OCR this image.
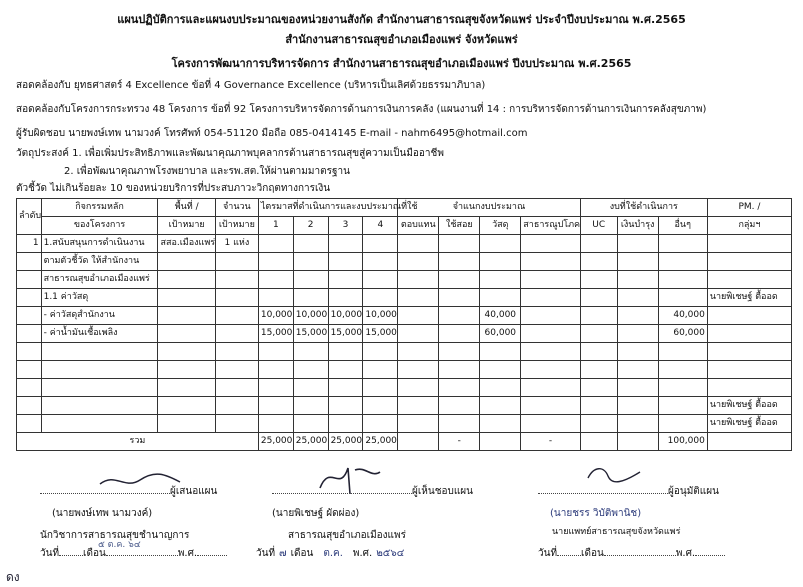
แผนปฏิบัติการและแผนงบประมาณของหน่วยงานสังกัด สำนักงานสาธารณสุขจังหวัดแพร่ ประจำปีงบประมาณ พ.ศ.2565
สำนักงานสาธารณสุขอำเภอเมืองแพร่ จังหวัดแพร่
โครงการพัฒนาการบริหารจัดการ สำนักงานสาธารณสุขอำเภอเมืองแพร่ ปีงบประมาณ พ.ศ.2565
สอดคล้องกับ ยุทธศาสตร์ 4 Excellence ข้อที่ 4 Governance Excellence (บริหารเป็นเลิศด้วยธรรมาภิบาล)
สอดคล้องกับโครงการกระทรวง 48 โครงการ ข้อที่ 92 โครงการบริหารจัดการด้านการเงินการคลัง (แผนงานที่ 14 : การบริหารจัดการด้านการเงินการคลังสุขภาพ)
ผู้รับผิดชอบ นายพงษ์เทพ นามวงค์ โทรศัพท์ 054-51120 มือถือ 085-0414145 E-mail - nahm6495@hotmail.com
วัตถุประสงค์ 1. เพื่อเพิ่มประสิทธิภาพและพัฒนาคุณภาพบุคลากรด้านสาธารณสุขสู่ความเป็นมืออาชีพ
2. เพื่อพัฒนาคุณภาพโรงพยาบาล และรพ.สต.ให้ผ่านตามมาตรฐาน
ตัวชี้วัด ไม่เกินร้อยละ 10 ของหน่วยบริการที่ประสบภาวะวิกฤตทางการเงิน
ลำดับ	กิจกรรมหลัก	พื้นที่ /	จำนวน	ไตรมาสที่ดำเนินการและงบประมาณที่ใช้				จำแนกงบประมาณ				งบที่ใช้ดำเนินการ			PM. /
	ของโครงการ	เป้าหมาย	เป้าหมาย	1	2	3	4	ตอบแทน	ใช้สอย	วัสดุ	สาธารณูปโภค	UC	เงินบำรุง	อื่นๆ	กลุ่มฯ
1	1.สนับสนุนการดำเนินงาน	สสอ.เมืองแพร่	1 แห่ง												
	ตามตัวชี้วัด ให้สำนักงาน														
	สาธารณสุขอำเภอเมืองแพร่														
	1.1 ค่าวัสดุ														นายพิเชษฐ์ ตื้ออด
	- ค่าวัสดุสำนักงาน			10,000	10,000	10,000	10,000			40,000				40,000	
	- ค่าน้ำมันเชื้อเพลิง			15,000	15,000	15,000	15,000			60,000				60,000	

															นายพิเชษฐ์ ตื้ออด
															นายพิเชษฐ์ ตื้ออด
รวม				25,000	25,000	25,000	25,000		-		-			100,000	
ผู้เสนอแผน
(นายพงษ์เทพ นามวงค์)
นักวิชาการสาธารณสุขชำนาญการ
วันที่ เดือน	พ.ศ.
๕ ต.ค. ๖๔
ผู้เห็นชอบแผน
(นายพิเชษฐ์ ผัดผ่อง)
สาธารณสุขอำเภอเมืองแพร่
วันที่ ๗ เดือน ต.ค. พ.ศ. ๒๕๖๔
ผู้อนุมัติแผน
(นายชรร วิบัติพานิช)
นายแพทย์สาธารณสุขจังหวัดแพร่
วันที่ เดือน	พ.ศ.
ดง
